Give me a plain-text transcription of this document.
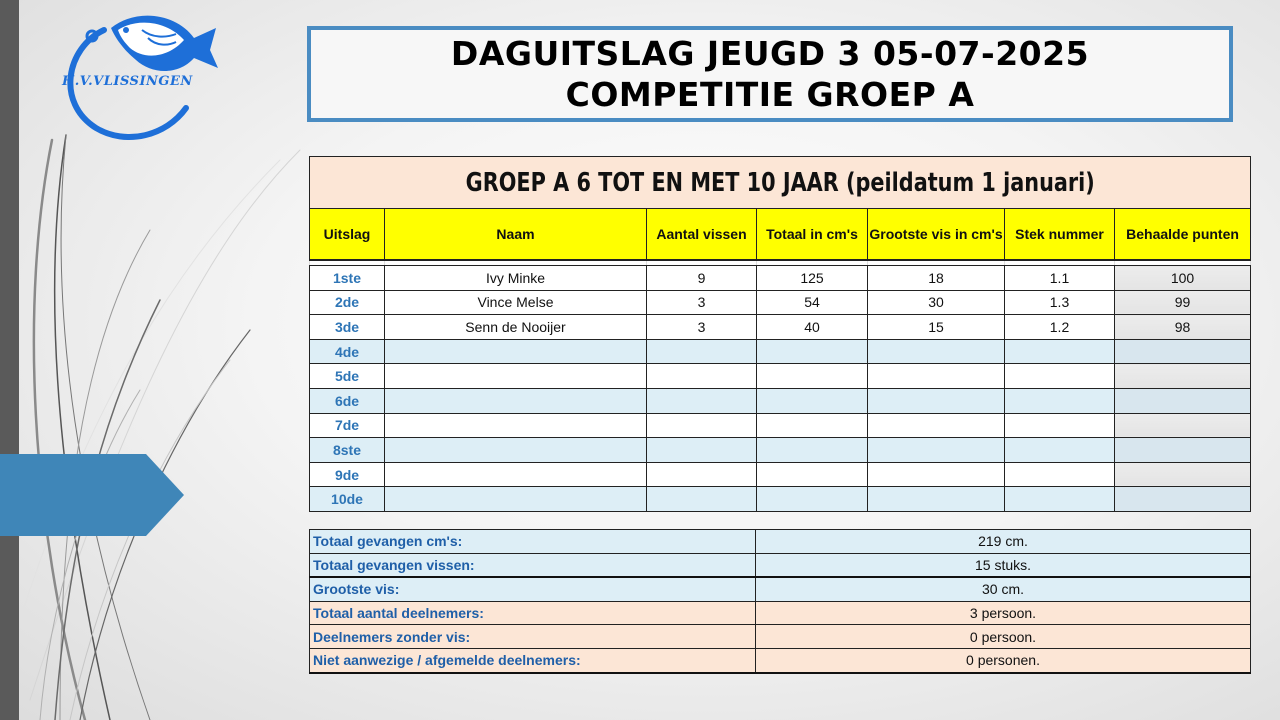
H.V.VLISSINGEN
DAGUITSLAG JEUGD 3 05-07-2025
COMPETITIE GROEP A
GROEP A 6 TOT EN MET 10 JAAR (peildatum 1 januari)						
Uitslag	Naam	Aantal vissen	Totaal in cm's	Grootste vis in cm's	Stek nummer	Behaalde punten

1ste	Ivy Minke	9	125	18	1.1	100
2de	Vince Melse	3	54	30	1.3	99
3de	Senn de Nooijer	3	40	15	1.2	98
4de						
5de						
6de						
7de						
8ste						
9de						
10de						
Totaal gevangen cm's:	219 cm.
Totaal gevangen vissen:	15 stuks.
Grootste vis:	30 cm.
Totaal aantal deelnemers:	3 persoon.
Deelnemers zonder vis:	0 persoon.
Niet aanwezige / afgemelde deelnemers:	0 personen.
